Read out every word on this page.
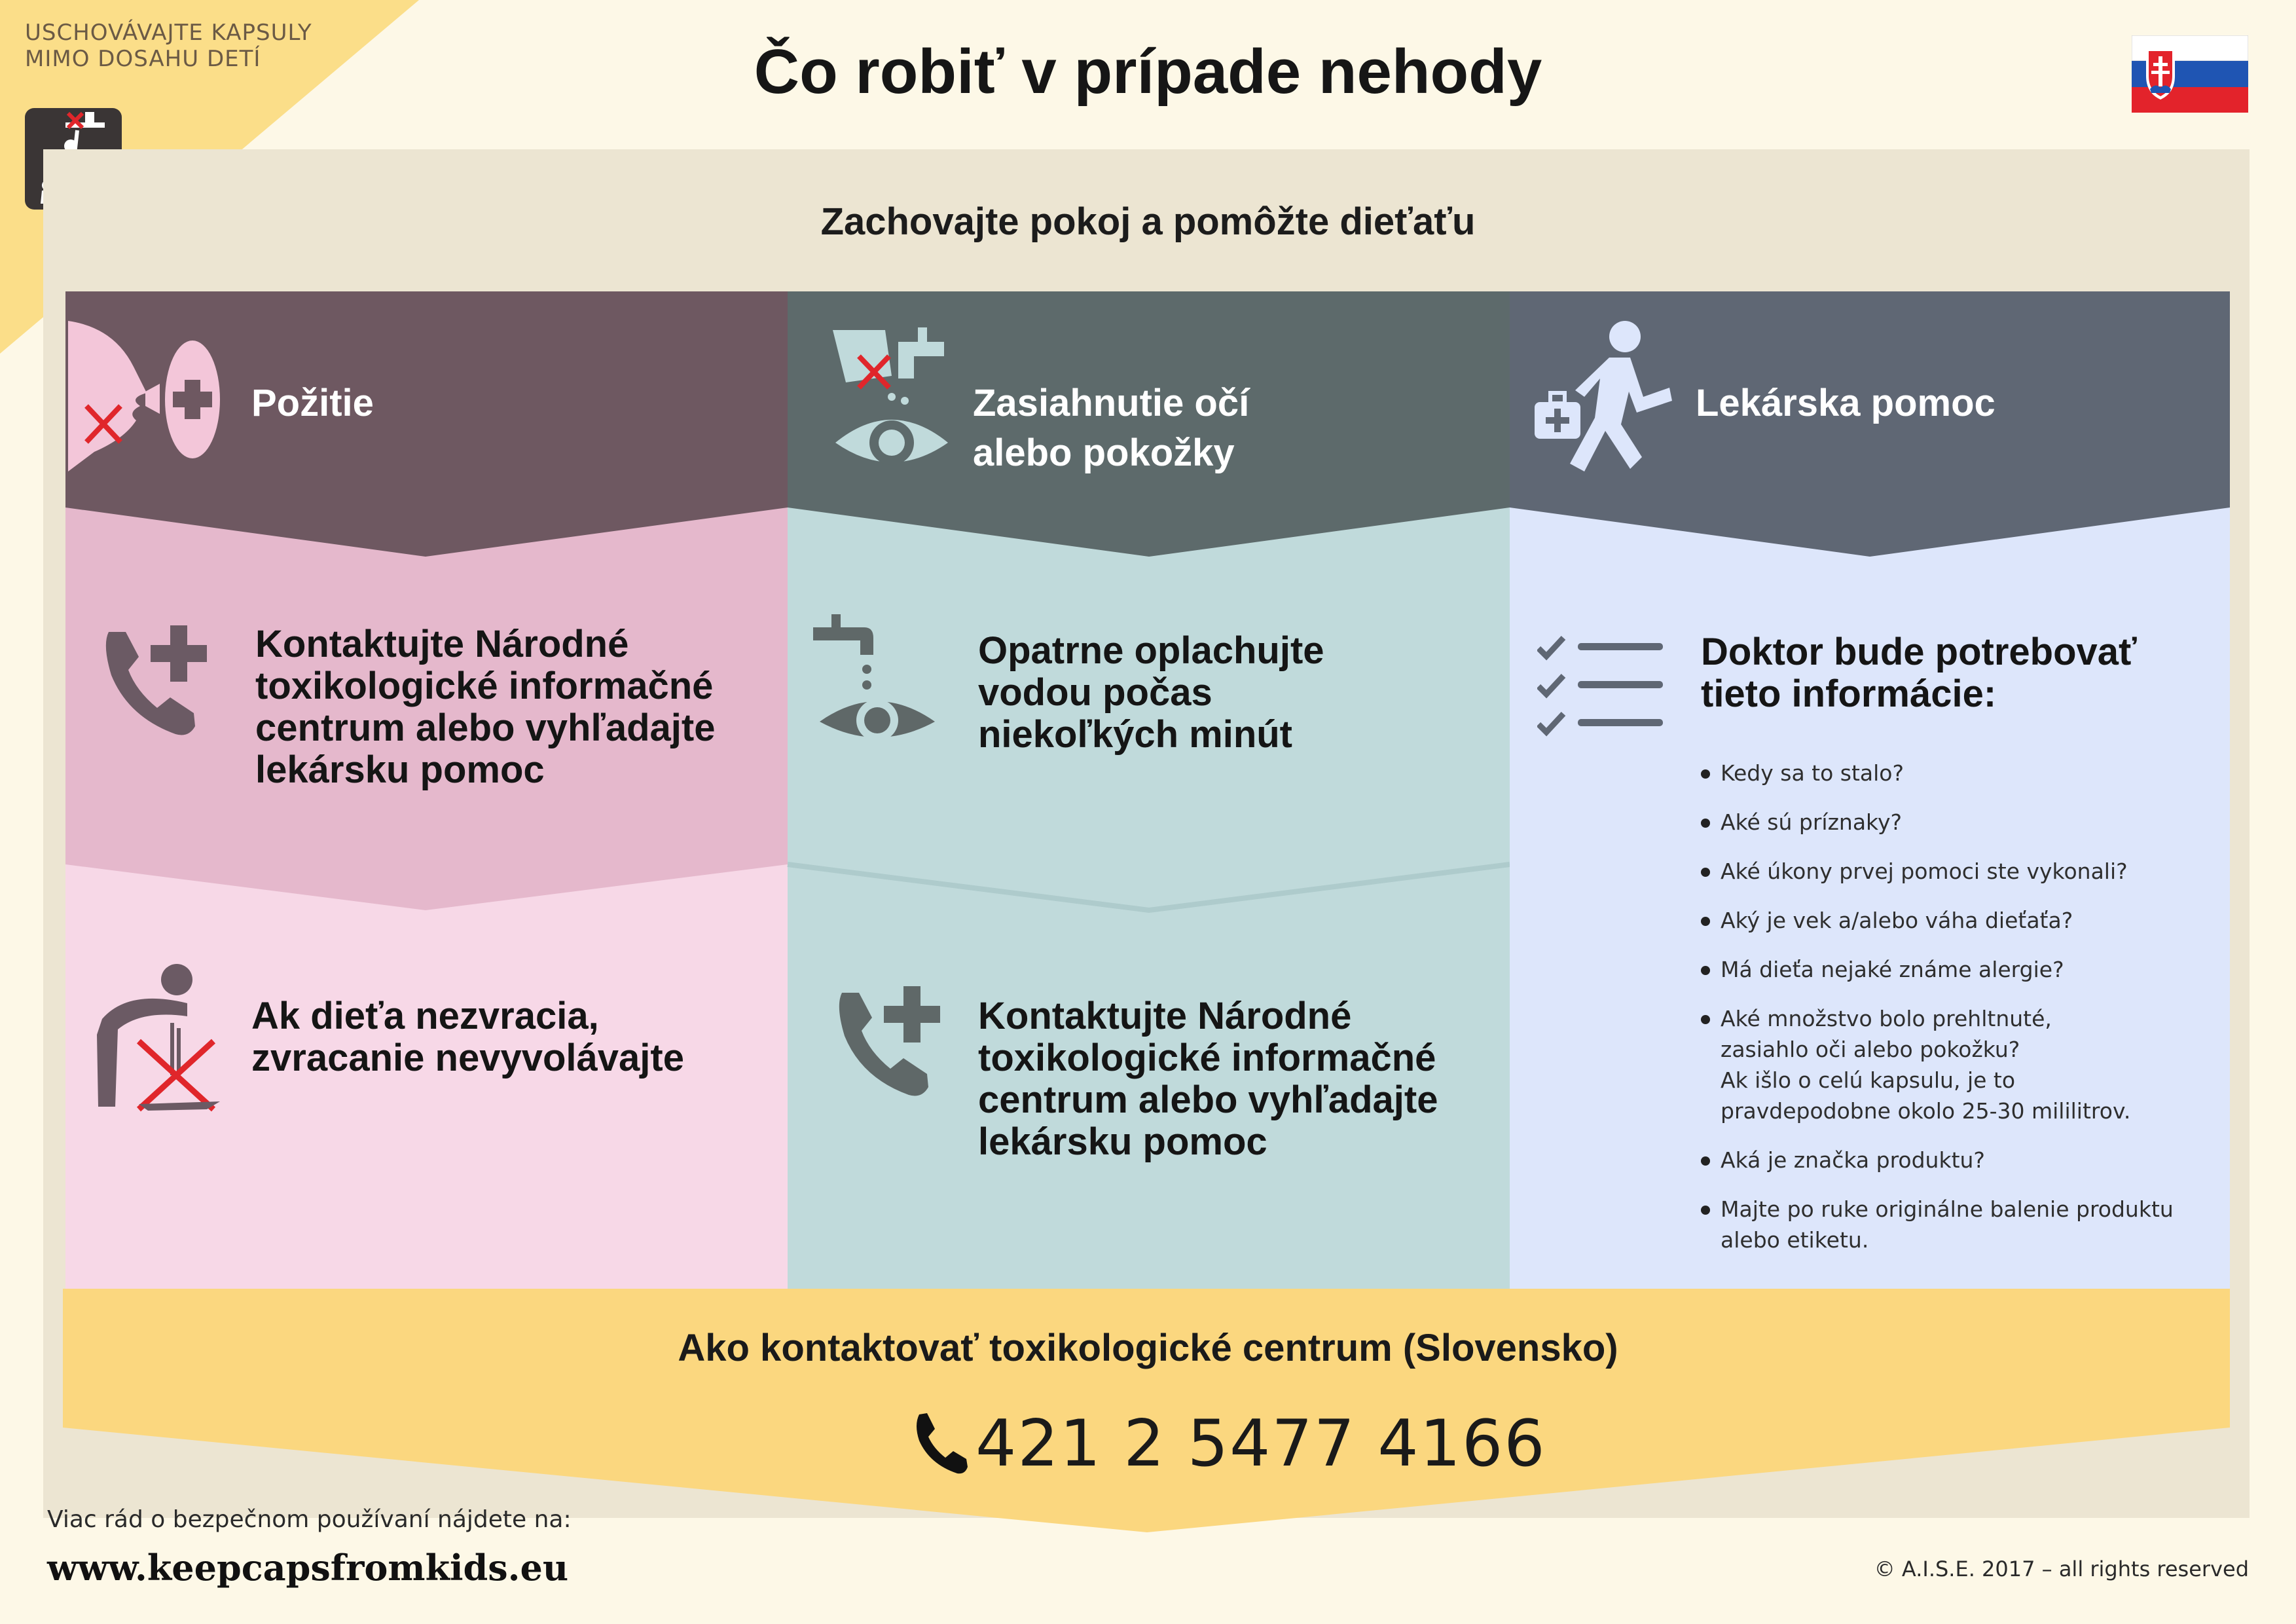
USCHOVÁVAJTE KAPSULY
MIMO DOSAHU DETÍ	Čo robiť v prípade nehody
Zachovajte pokoj a pomôžte dieťaťu
Požitie	Zasiahnutie očí
alebo pokožky
Lekárska pomoc
Kontaktujte Národné
toxikologické informačné
centrum alebo vyhľadajte
lekársku pomoc
Ak dieťa nezvracia,
zvracanie nevyvolávajte
Opatrne oplachujte
vodou počas
niekoľkých minút
Kontaktujte Národné
toxikologické informačné
centrum alebo vyhľadajte
lekársku pomoc
Doktor bude potrebovať
tieto informácie:
Kedy sa to stalo?
Aké sú príznaky?
Aké úkony prvej pomoci ste vykonali?
Aký je vek a/alebo váha dieťaťa?
Má dieťa nejaké známe alergie?
Aké množstvo bolo prehltnuté,
zasiahlo oči alebo pokožku?
Ak išlo o celú kapsulu, je to
pravdepodobne okolo 25-30 mililitrov.
Aká je značka produktu?
Majte po ruke originálne balenie produktu
alebo etiketu.
Ako kontaktovať toxikologické centrum (Slovensko)
421 2 5477 4166
Viac rád o bezpečnom používaní nájdete na:
www.keepcapsfromkids.eu	© A.I.S.E. 2017 – all rights reserved
